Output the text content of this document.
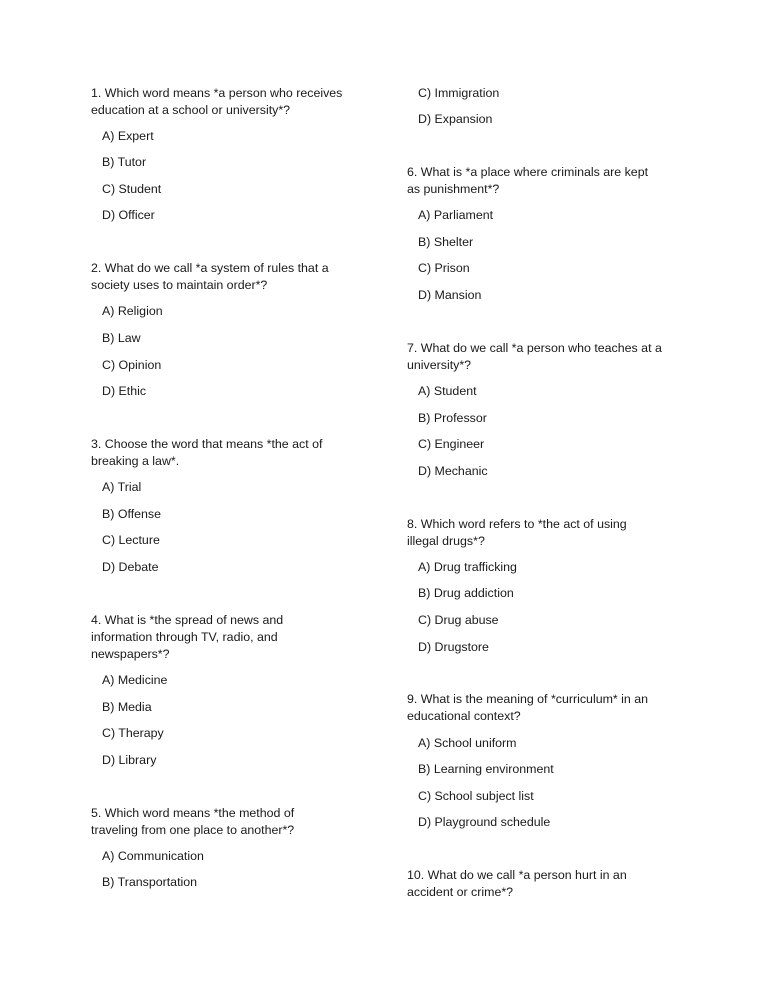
1. Which word means *a person who receives
education at a school or university*?
A) Expert
B) Tutor
C) Student
D) Officer
2. What do we call *a system of rules that a
society uses to maintain order*?
A) Religion
B) Law
C) Opinion
D) Ethic
3. Choose the word that means *the act of
breaking a law*.
A) Trial
B) Offense
C) Lecture
D) Debate
4. What is *the spread of news and
information through TV, radio, and
newspapers*?
A) Medicine
B) Media
C) Therapy
D) Library
5. Which word means *the method of
traveling from one place to another*?
A) Communication
B) Transportation
C) Immigration
D) Expansion
6. What is *a place where criminals are kept
as punishment*?
A) Parliament
B) Shelter
C) Prison
D) Mansion
7. What do we call *a person who teaches at a
university*?
A) Student
B) Professor
C) Engineer
D) Mechanic
8. Which word refers to *the act of using
illegal drugs*?
A) Drug trafficking
B) Drug addiction
C) Drug abuse
D) Drugstore
9. What is the meaning of *curriculum* in an
educational context?
A) School uniform
B) Learning environment
C) School subject list
D) Playground schedule
10. What do we call *a person hurt in an
accident or crime*?
